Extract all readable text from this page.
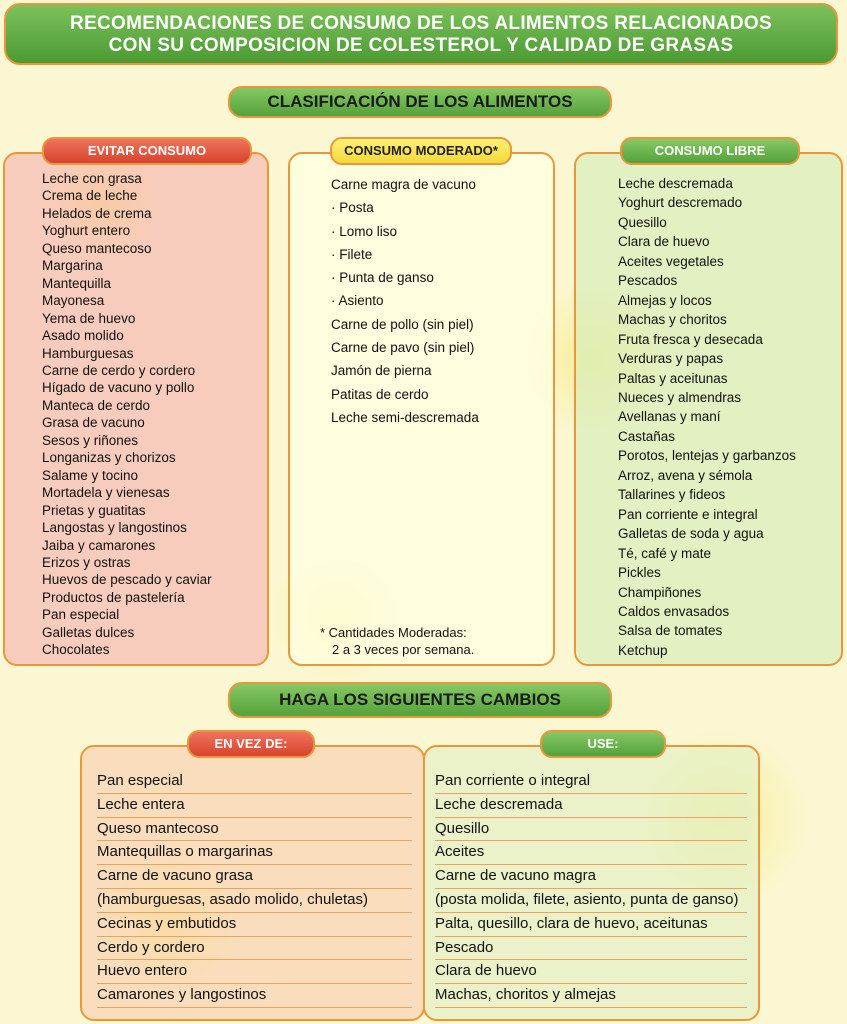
RECOMENDACIONES DE CONSUMO DE LOS ALIMENTOS RELACIONADOS
CON SU COMPOSICION DE COLESTEROL Y CALIDAD DE GRASAS
CLASIFICACIÓN DE LOS ALIMENTOS
EVITAR CONSUMO
Leche con grasa
Crema de leche
Helados de crema
Yoghurt entero
Queso mantecoso
Margarina
Mantequilla
Mayonesa
Yema de huevo
Asado molido
Hamburguesas
Carne de cerdo y cordero
Hígado de vacuno y pollo
Manteca de cerdo
Grasa de vacuno
Sesos y riñones
Longanizas y chorizos
Salame y tocino
Mortadela y vienesas
Prietas y guatitas
Langostas y langostinos
Jaiba y camarones
Erizos y ostras
Huevos de pescado y caviar
Productos de pastelería
Pan especial
Galletas dulces
Chocolates
CONSUMO MODERADO*
Carne magra de vacuno
· Posta
· Lomo liso
· Filete
· Punta de ganso
· Asiento
Carne de pollo (sin piel)
Carne de pavo (sin piel)
Jamón de pierna
Patitas de cerdo
Leche semi-descremada
* Cantidades Moderadas:
2 a 3 veces por semana.
CONSUMO LIBRE
Leche descremada
Yoghurt descremado
Quesillo
Clara de huevo
Aceites vegetales
Pescados
Almejas y locos
Machas y choritos
Fruta fresca y desecada
Verduras y papas
Paltas y aceitunas
Nueces y almendras
Avellanas y maní
Castañas
Porotos, lentejas y garbanzos
Arroz, avena y sémola
Tallarines y fideos
Pan corriente e integral
Galletas de soda y agua
Té, café y mate
Pickles
Champiñones
Caldos envasados
Salsa de tomates
Ketchup
HAGA LOS SIGUIENTES CAMBIOS
EN VEZ DE:
Pan especial
Leche entera
Queso mantecoso
Mantequillas o margarinas
Carne de vacuno grasa
(hamburguesas, asado molido, chuletas)
Cecinas y embutidos
Cerdo y cordero
Huevo entero
Camarones y langostinos
USE:
Pan corriente o integral
Leche descremada
Quesillo
Aceites
Carne de vacuno magra
(posta molida, filete, asiento, punta de ganso)
Palta, quesillo, clara de huevo, aceitunas
Pescado
Clara de huevo
Machas, choritos y almejas
